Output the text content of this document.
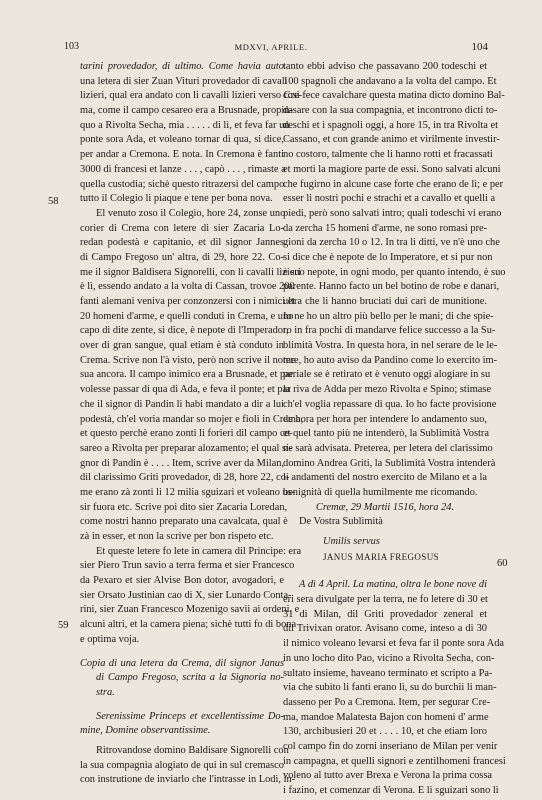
103	MDXVI, APRILE.	104
58
59
60
tarini provedador, di ultimo. Come havia auto
una letera di sier Zuan Vituri provedador di cavali
lizieri, qual era andato con li cavalli lizieri verso Cre-
ma, come il campo cesareo era a Brusnade, propin-
quo a Rivolta Secha, mia . . . . . di lì, et feva far un
ponte sora Ada, et voleano tornar di qua, si dice,
per andar a Cremona. E nota. In Cremona è fanti
3000 di francesi et lanze . . . , capò . . . , rimaste a
quella custodia; sichè questo ritrazersi del campo
tutto il Colegio li piaque e tene per bona nova.
El venuto zoso il Colegio, hore 24, zonse uno
corier di Crema con letere di sier Zacaria Lo-
redan podestà e capitanio, et dil signor Jannes
di Campo Fregoso un' altra, di 29, hore 22. Co-
me il signor Baldisera Signorelli, con li cavalli lizieri
è lì, essendo andato a la volta di Cassan, trovoe 200
fanti alemani veniva per conzonzersi con i nimici et
20 homeni d'arme, e quelli conduti in Crema, e uno
capo di dite zente, si dice, è nepote di l'Imperador,
over di gran sangue, qual etiam è stà conduto in
Crema. Scrive non l'à visto, però non scrive il nome
sua ancora. Il campo inimico era a Brusnade, et par
volesse passar di qua di Ada, e feva il ponte; et par
che il signor di Pandin li habi mandato a dir a lui
podestà, ch'el voria mandar so mojer e fioli in Crema,
et questo perchè erano zonti li forieri dil campo ce-
sareo a Rivolta per preparar alozamento; el qual si-
gnor di Pandin è . . . . Item, scrive aver da Milan,
dil clarissimo Griti provedador, di 28, hore 22, co-
me erano zà zonti li 12 milia sguizari et voleano us-
sir fuora etc. Scrive poi dito sier Zacaria Loredan,
come nostri hanno preparato una cavalcata, qual è
zà in esser, et non la scrive per bon rispeto etc.
Et queste letere fo lete in camera dil Principe: era
sier Piero Trun savio a terra ferma et sier Francesco
da Pexaro et sier Alvise Bon dotor, avogadori, e
sier Orsato Justinian cao di X, sier Lunardo Conta-
rini, sier Zuan Francesco Mozenigo savii ai ordeni, e
alcuni altri, et la camera piena; sichè tutti fo di bona
e optima voja.
Copia di una letera da Crema, dil signor Janus
di Campo Fregoso, scrita a la Signoria no-
stra.
Serenissime Princeps et excellentissime Do-
mine, Domine observantissime.
Ritrovandose domino Baldisare Signorelli con
la sua compagnia alogiato de qui in sul cremasco
con instrutione de inviarlo che l'intrasse in Lodi, in-
tanto ebbi adviso che passavano 200 todeschi et
100 spagnoli che andavano a la volta del campo. Et
così fece cavalchare questa matina dicto domino Bal-
dasare con la sua compagnia, et incontrono dicti to-
deschi et i spagnoli oggi, a hore 15, in tra Rivolta et
Cassano, et con grande animo et virilmente investir-
no costoro, talmente che li hanno rotti et fracassati
et morti la magiore parte de essi. Sono salvati alcuni
che fugirno in alcune case forte che erano de lì; e per
esser li nostri pochi e strachi et a cavallo et quelli a
piedi, però sono salvati intro; quali todeschi vi erano
da zercha 15 homeni d'arme, ne sono romasi pre-
gioni da zercha 10 o 12. In tra li ditti, ve n'è uno che
si dice che è nepote de lo Imperatore, et si pur non
è suo nepote, in ogni modo, per quanto intendo, è suo
parente. Hanno facto un bel botino de robe e danari,
ultra che li hanno bruciati dui cari de munitione.
Io ne ho un altro più bello per le mani; di che spie-
ro in fra pochi di mandarve felice successo a la Su-
blimità Vostra. In questa hora, in nel serare de le le-
tere, ho auto aviso da Pandino come lo exercito im-
periale se è retirato et è venuto oggi alogiare in su
la riva de Adda per mezo Rivolta e Spino; stimase
ch'el voglia repassare di qua. Io ho facte provisione
de hora per hora per intendere lo andamento suo,
et quel tanto più ne intenderò, la Sublimità Vostra
ne sarà advisata. Preterea, per letera del clarissimo
domino Andrea Griti, la Sublimità Vostra intenderà
li andamenti del nostro exercito de Milano et a la
benignità di quella humilmente me ricomando.
Cremæ, 29 Martii 1516, hora 24.
De Vostra Sublimità
Umilis servus
JANUS MARIA FREGOSUS
A dì 4 April. La matina, oltra le bone nove di
eri sera divulgate per la terra, ne fo letere di 30 et
31 di Milan, dil Griti provedador zeneral et
dil Trivixan orator. Avisano come, inteso a di 30
il nimico voleano levarsi et feva far il ponte sora Ada
in uno locho dito Pao, vicino a Rivolta Secha, con-
sultato insieme, haveano terminato et scripto a Pa-
via che subito li fanti erano lì, su do burchii li man-
dasseno per Po a Cremona. Item, per segurar Cre-
ma, mandoe Malatesta Bajon con homeni d' arme
130, archibusieri 20 et . . . . 10, et che etiam loro
col campo fin do zorni inseriano de Milan per venir
in campagna, et quelli signori e zentilhomeni francesi
voleno al tutto aver Brexa e Verona la prima cossa
i fazino, et comenzar di Verona. E li sguizari sono lì
